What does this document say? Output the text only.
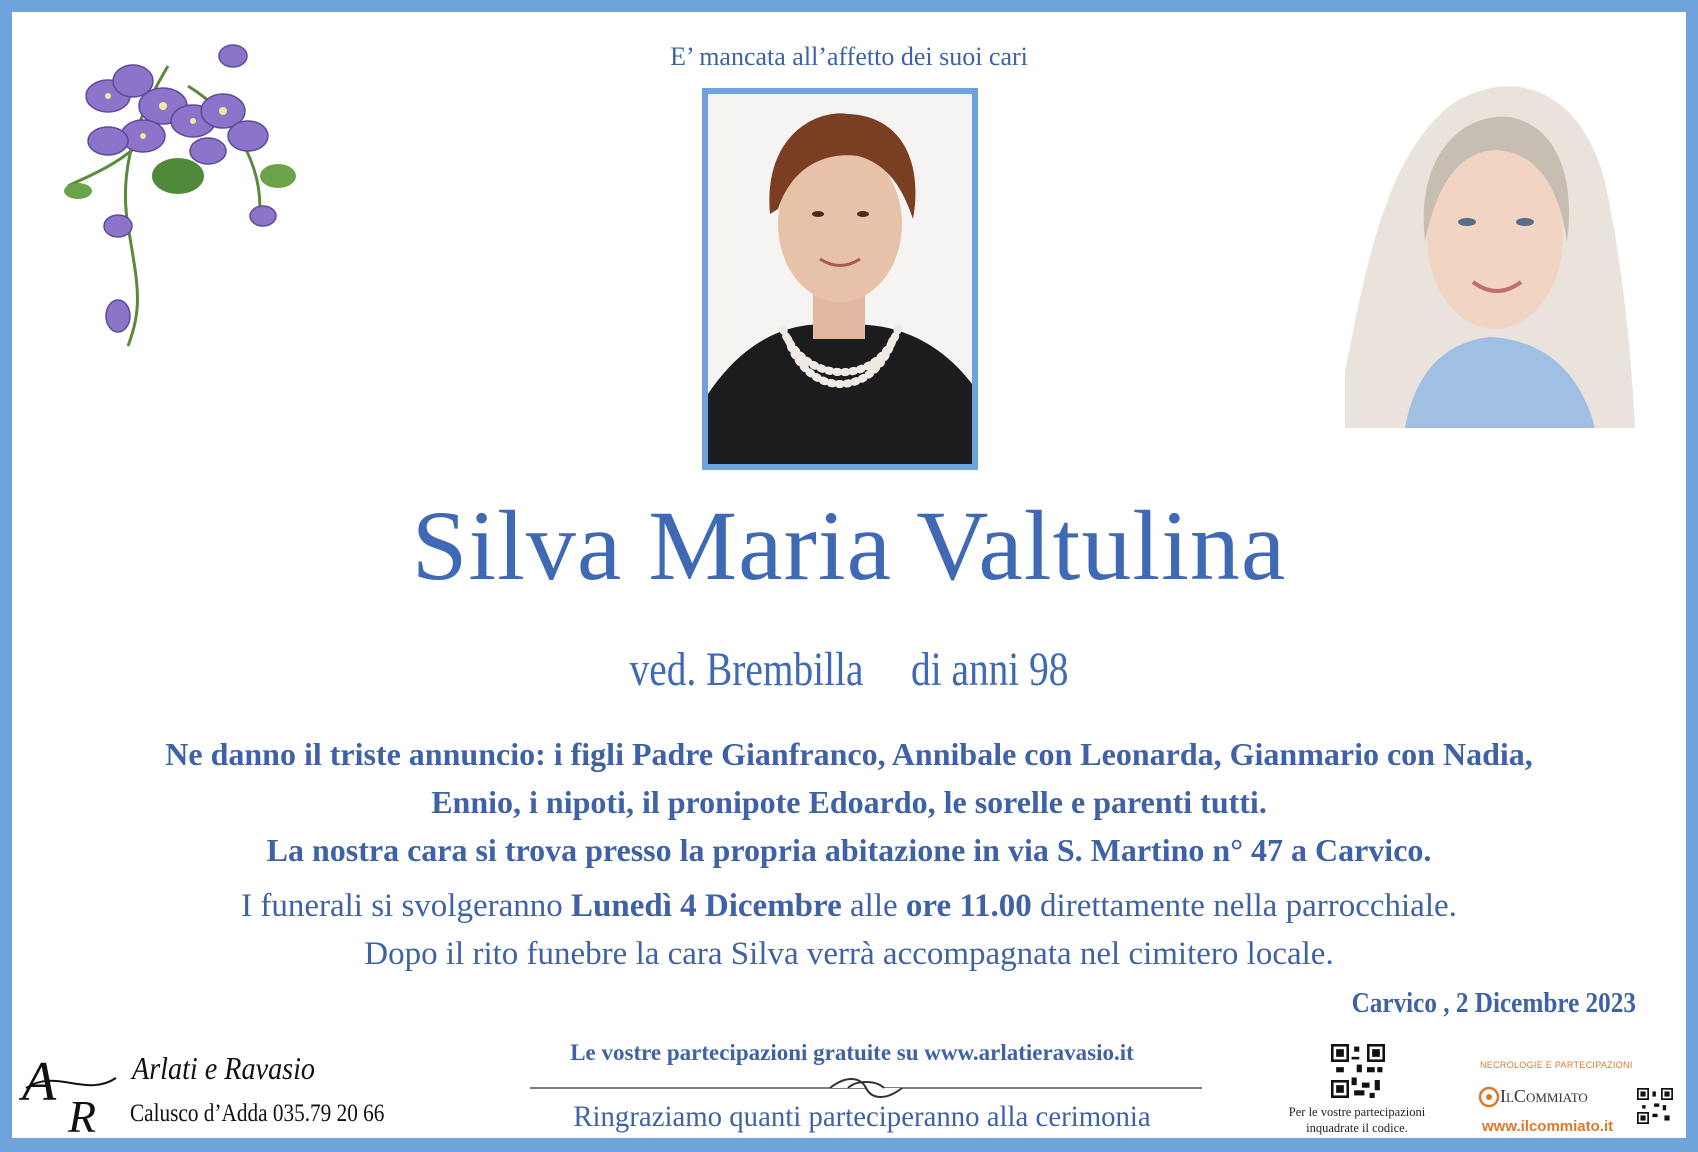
E’ mancata all’affetto dei suoi cari
Silva Maria Valtulina
ved. Brembilla di anni 98
Ne danno il triste annuncio: i figli Padre Gianfranco, Annibale con Leonarda, Gianmario con Nadia,
Ennio, i nipoti, il pronipote Edoardo, le sorelle e parenti tutti.
La nostra cara si trova presso la propria abitazione in via S. Martino n° 47 a Carvico.
I funerali si svolgeranno Lunedì 4 Dicembre alle ore 11.00 direttamente nella parrocchiale.
Dopo il rito funebre la cara Silva verrà accompagnata nel cimitero locale.
Carvico , 2 Dicembre 2023
A
R
Arlati e Ravasio
Calusco d’Adda 035.79 20 66
Le vostre partecipazioni gratuite su www.arlatieravasio.it
Ringraziamo quanti parteciperanno alla cerimonia	Per le vostre partecipazioni
inquadrate il codice.
NECROLOGIE E PARTECIPAZIONI
IlCommiato
www.ilcommiato.it
